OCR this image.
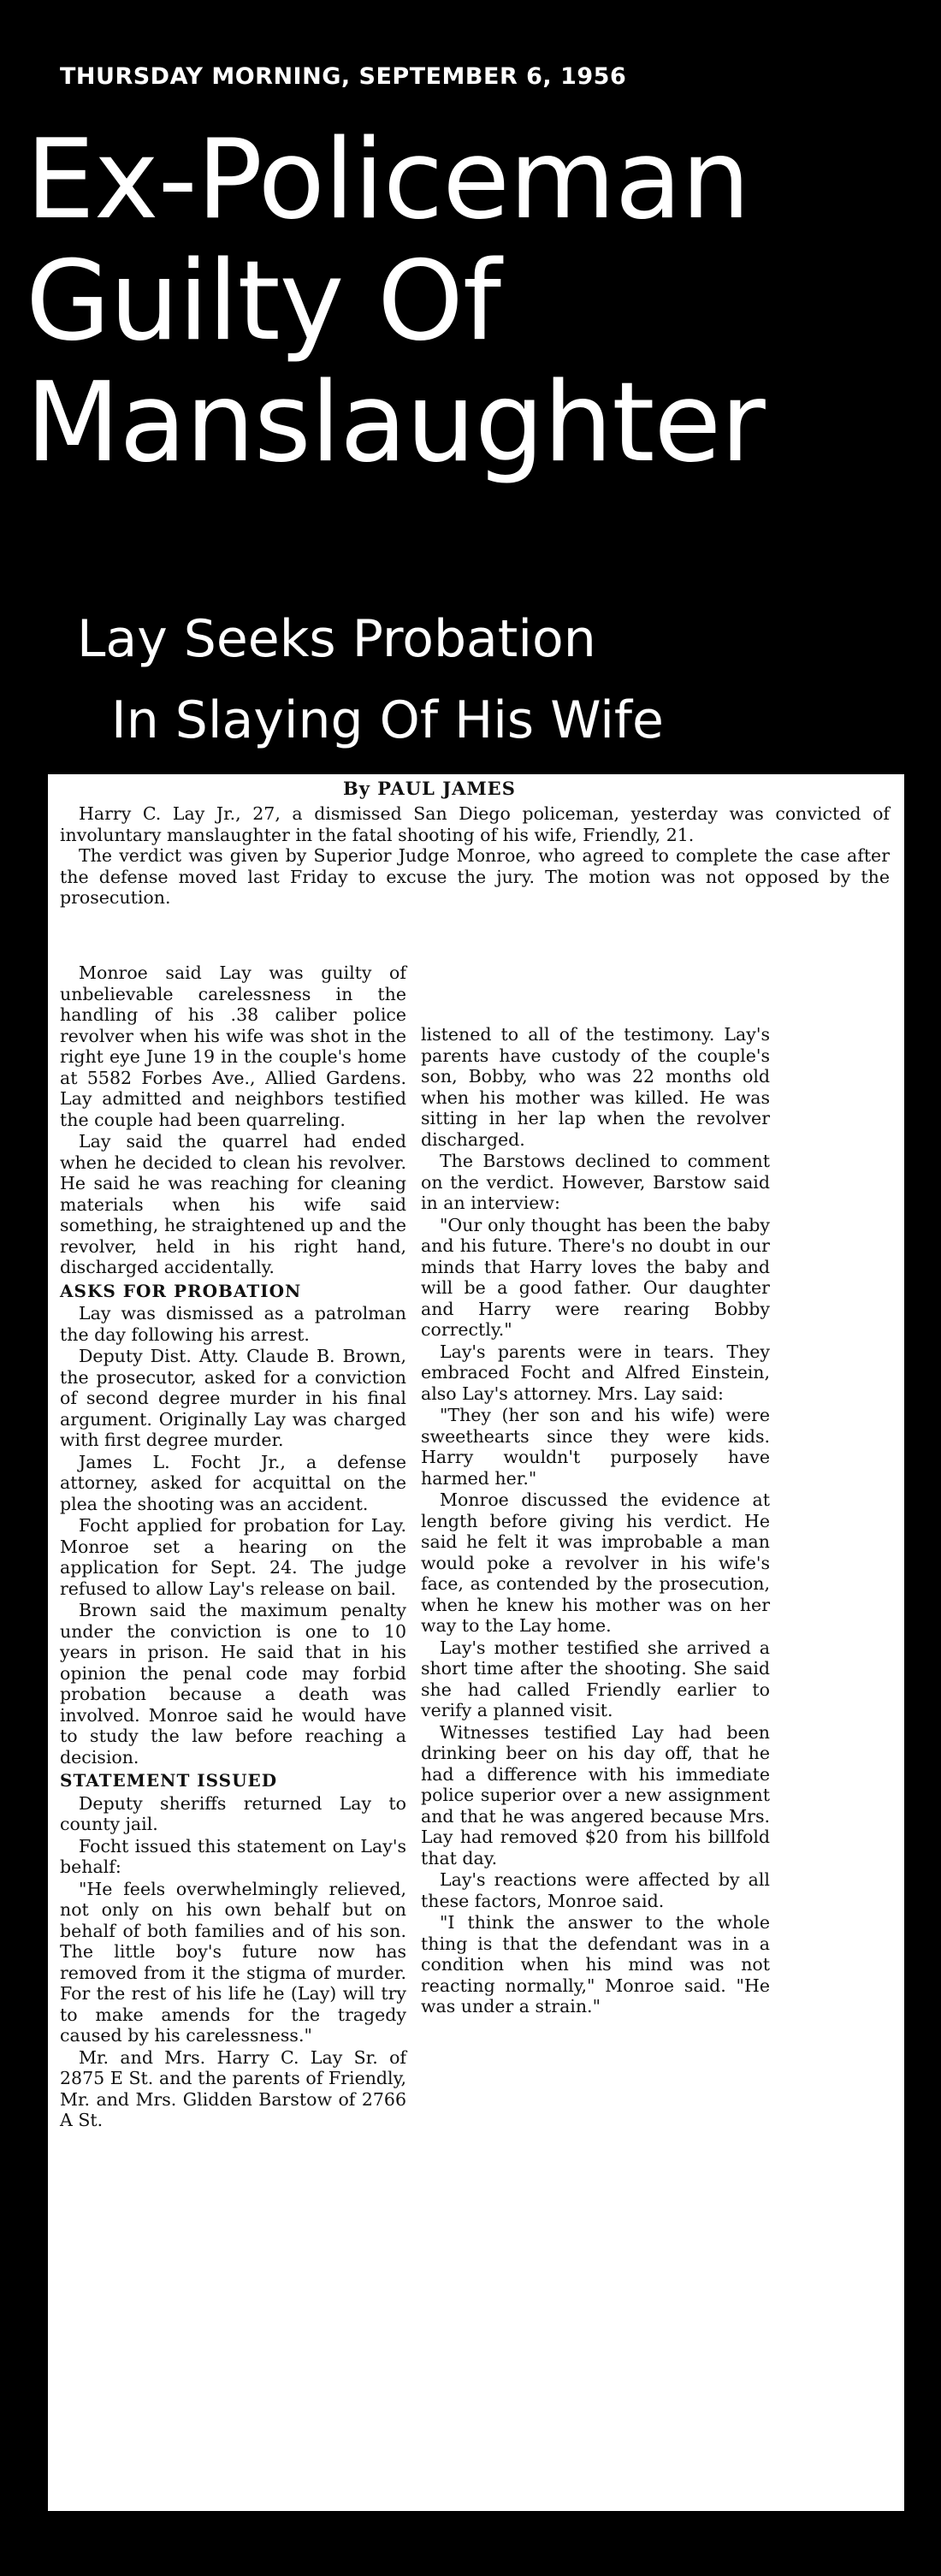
THURSDAY MORNING, SEPTEMBER 6, 1956
Ex-Policeman
Guilty Of
Manslaughter
Lay Seeks Probation
In Slaying Of His Wife
By PAUL JAMES

Harry C. Lay Jr., 27, a dismissed San Diego policeman, yesterday was convicted of involuntary manslaughter in the fatal shooting of his wife, Friendly, 21.

The verdict was given by Superior Judge Monroe, who agreed to complete the case after the defense moved last Friday to excuse the jury. The motion was not opposed by the prosecution.

Monroe said Lay was guilty of unbelievable carelessness in the handling of his .38 caliber police revolver when his wife was shot in the right eye June 19 in the couple's home at 5582 Forbes Ave., Allied Gardens. Lay admitted and neighbors testified the couple had been quarreling.

Lay said the quarrel had ended when he decided to clean his revolver. He said he was reaching for cleaning materials when his wife said something, he straightened up and the revolver, held in his right hand, discharged accidentally.

ASKS FOR PROBATION

Lay was dismissed as a patrolman the day following his arrest.

Deputy Dist. Atty. Claude B. Brown, the prosecutor, asked for a conviction of second degree murder in his final argument. Originally Lay was charged with first degree murder.

James L. Focht Jr., a defense attorney, asked for acquittal on the plea the shooting was an accident.

Focht applied for probation for Lay. Monroe set a hearing on the application for Sept. 24. The judge refused to allow Lay's release on bail.

Brown said the maximum penalty under the conviction is one to 10 years in prison. He said that in his opinion the penal code may forbid probation because a death was involved. Monroe said he would have to study the law before reaching a decision.

STATEMENT ISSUED

Deputy sheriffs returned Lay to county jail.

Focht issued this statement on Lay's behalf:

"He feels overwhelmingly relieved, not only on his own behalf but on behalf of both families and of his son. The little boy's future now has removed from it the stigma of murder. For the rest of his life he (Lay) will try to make amends for the tragedy caused by his carelessness."

Mr. and Mrs. Harry C. Lay Sr. of 2875 E St. and the parents of Friendly, Mr. and Mrs. Glidden Barstow of 2766 A St.

listened to all of the testimony. Lay's parents have custody of the couple's son, Bobby, who was 22 months old when his mother was killed. He was sitting in her lap when the revolver discharged.

The Barstows declined to comment on the verdict. However, Barstow said in an interview:

"Our only thought has been the baby and his future. There's no doubt in our minds that Harry loves the baby and will be a good father. Our daughter and Harry were rearing Bobby correctly."

Lay's parents were in tears. They embraced Focht and Alfred Einstein, also Lay's attorney. Mrs. Lay said:

"They (her son and his wife) were sweethearts since they were kids. Harry wouldn't purposely have harmed her."

Monroe discussed the evidence at length before giving his verdict. He said he felt it was improbable a man would poke a revolver in his wife's face, as contended by the prosecution, when he knew his mother was on her way to the Lay home.

Lay's mother testified she arrived a short time after the shooting. She said she had called Friendly earlier to verify a planned visit.

Witnesses testified Lay had been drinking beer on his day off, that he had a difference with his immediate police superior over a new assignment and that he was angered because Mrs. Lay had removed $20 from his billfold that day.

Lay's reactions were affected by all these factors, Monroe said.

"I think the answer to the whole thing is that the defendant was in a condition when his mind was not reacting normally," Monroe said. "He was under a strain."
